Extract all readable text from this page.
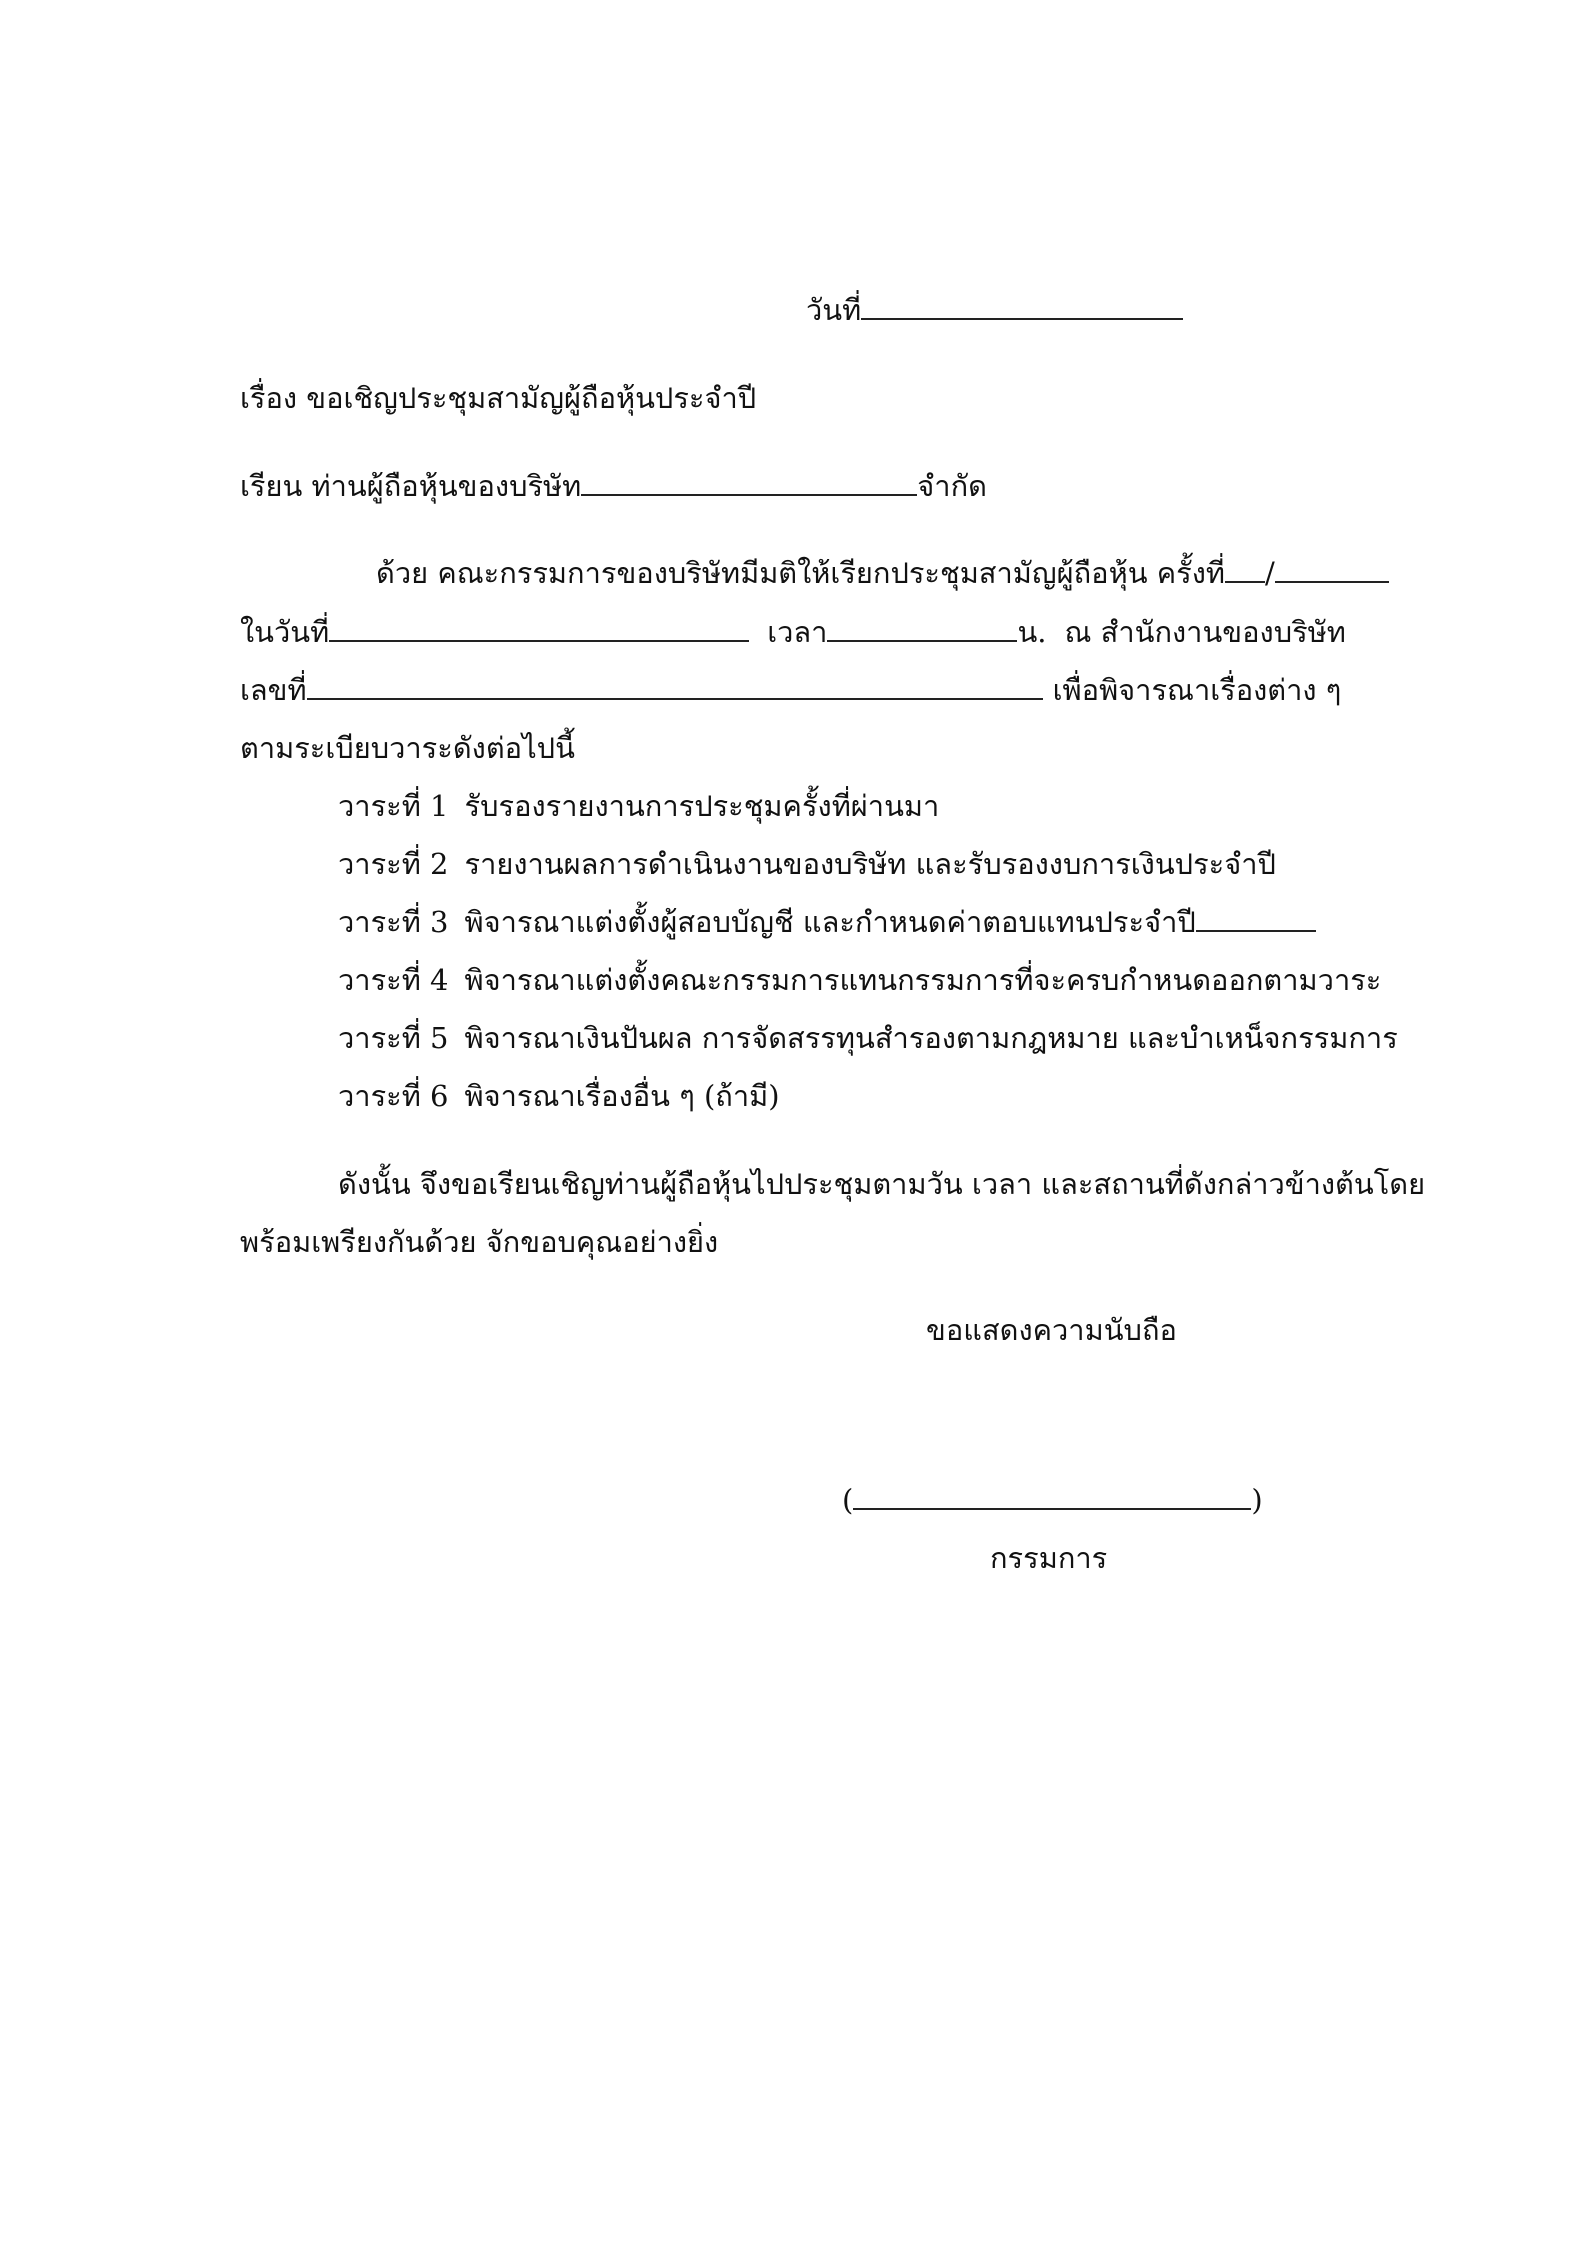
วันที่
เรื่อง ขอเชิญประชุมสามัญผู้ถือหุ้นประจำปี
เรียน ท่านผู้ถือหุ้นของบริษัท	จำกัด
ด้วย คณะกรรมการของบริษัทมีมติให้เรียกประชุมสามัญผู้ถือหุ้น ครั้งที่ /
ในวันที่	เวลา	น. ณ สำนักงานของบริษัท
เลขที่	เพื่อพิจารณาเรื่องต่าง ๆ
ตามระเบียบวาระดังต่อไปนี้
วาระที่ 1 รับรองรายงานการประชุมครั้งที่ผ่านมา
วาระที่ 2 รายงานผลการดำเนินงานของบริษัท และรับรองงบการเงินประจำปี
วาระที่ 3 พิจารณาแต่งตั้งผู้สอบบัญชี และกำหนดค่าตอบแทนประจำปี
วาระที่ 4 พิจารณาแต่งตั้งคณะกรรมการแทนกรรมการที่จะครบกำหนดออกตามวาระ
วาระที่ 5 พิจารณาเงินปันผล การจัดสรรทุนสำรองตามกฎหมาย และบำเหน็จกรรมการ
วาระที่ 6 พิจารณาเรื่องอื่น ๆ (ถ้ามี)
ดังนั้น จึงขอเรียนเชิญท่านผู้ถือหุ้นไปประชุมตามวัน เวลา และสถานที่ดังกล่าวข้างต้นโดย
พร้อมเพรียงกันด้วย จักขอบคุณอย่างยิ่ง
ขอแสดงความนับถือ
(	)
กรรมการ
